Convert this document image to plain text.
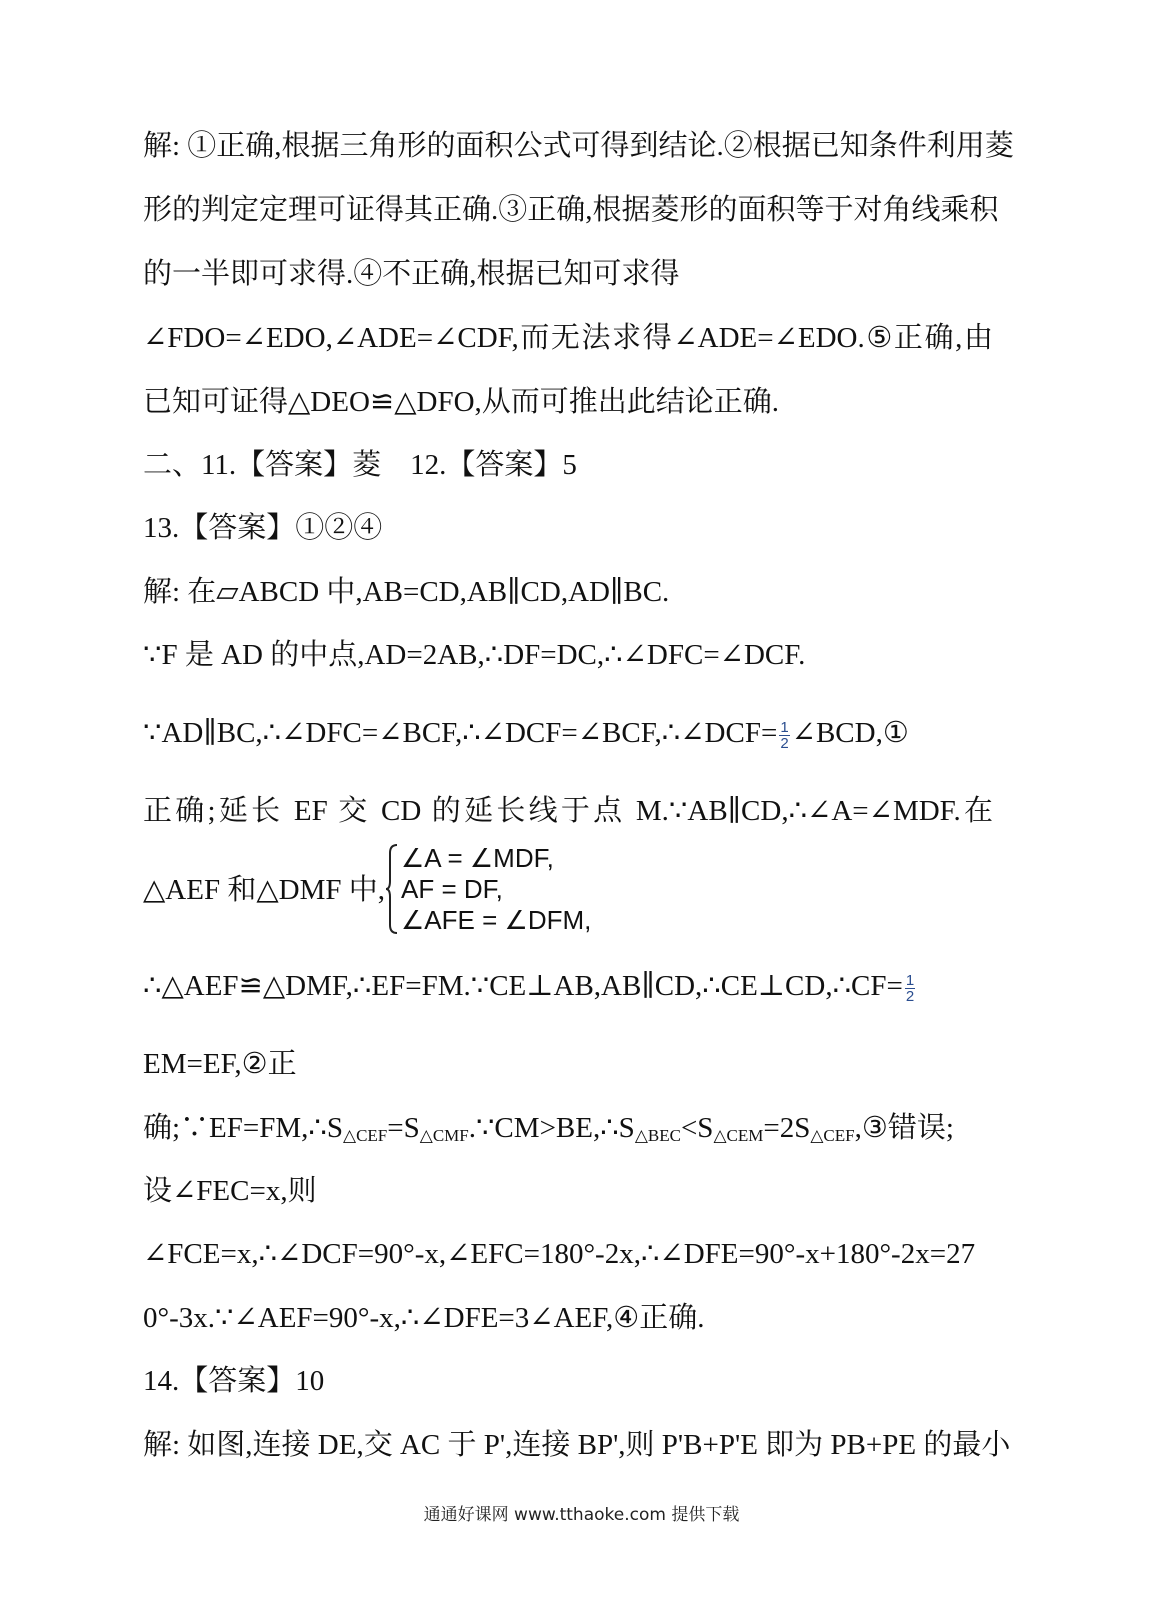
解: ①正确,根据三角形的面积公式可得到结论.②根据已知条件利用菱
形的判定定理可证得其正确.③正确,根据菱形的面积等于对角线乘积
的一半即可求得.④不正确,根据已知可求得
∠FDO=∠EDO,∠ADE=∠CDF,而无法求得∠ADE=∠EDO.⑤正确,由
已知可证得△DEO≌△DFO,从而可推出此结论正确.
二、11.【答案】菱　12.【答案】5
13.【答案】①②④
解: 在▱ABCD 中,AB=CD,AB∥CD,AD∥BC.
∵F 是 AD 的中点,AD=2AB,∴DF=DC,∴∠DFC=∠DCF.
∵AD∥BC,∴∠DFC=∠BCF,∴∠DCF=∠BCF,∴∠DCF= $\frac{1}{2}$ ∠BCD,①
正确;延长 EF 交 CD 的延长线于点 M.∵AB∥CD,∴∠A=∠MDF.在
△AEF 和△DMF 中,
∠A = ∠MDF,
AF = DF,
∠AFE = ∠DFM,
∴△AEF≌△DMF,∴EF=FM.∵CE⊥AB,AB∥CD,∴CE⊥CD,∴CF= $\frac{1}{2}$
EM=EF,②正
确$;\because EF=FM,\therefore S_{\triangle CEF}=S_{\triangle CMF}.\because CM>BE,\therefore S_{\triangle BEC}<S_{\triangle CEM}=2S_{\triangle CEF},③$错误;
设∠FEC=x,则
∠FCE=x,∴∠DCF=90°-x,∠EFC=180°-2x,∴∠DFE=90°-x+180°-2x=27
0°-3x.∵∠AEF=90°-x,∴∠DFE=3∠AEF,④正确.
14.【答案】10
解: 如图,连接 DE,交 AC 于 P',连接 BP',则 P'B+P'E 即为 PB+PE 的最小
通通好课网 www.tthaoke.com 提供下载
